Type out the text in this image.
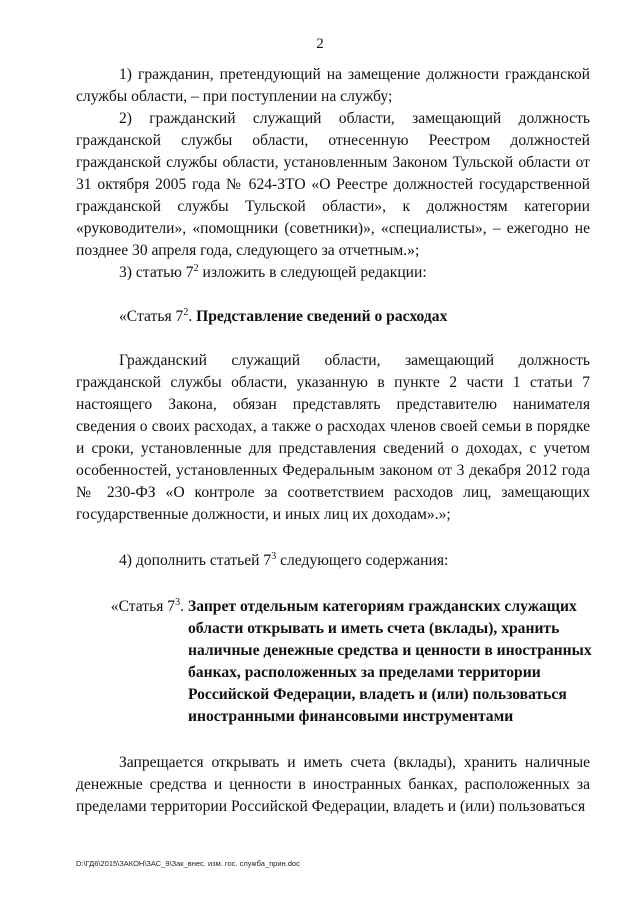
2

1) гражданин, претендующий на замещение должности гражданской службы области, – при поступлении на службу;

2) гражданский служащий области, замещающий должность гражданской службы области, отнесенную Реестром должностей гражданской службы области, установленным Законом Тульской области от 31 октября 2005 года № 624-ЗТО «О Реестре должностей государственной гражданской службы Тульской области», к должностям категории «руководители», «помощники (советники)», «специалисты», – ежегодно не позднее 30 апреля года, следующего за отчетным.»;

3) статью $7^2$ изложить в следующей редакции:

«Статья $7^2$. Представление сведений о расходах

Гражданский служащий области, замещающий должность гражданской службы области, указанную в пункте 2 части 1 статьи 7 настоящего Закона, обязан представлять представителю нанимателя сведения о своих расходах, а также о расходах членов своей семьи в порядке и сроки, установленные для представления сведений о доходах, с учетом особенностей, установленных Федеральным законом от 3 декабря 2012 года № 230-ФЗ «О контроле за соответствием расходов лиц, замещающих государственные должности, и иных лиц их доходам».»;

4) дополнить статьей $7^3$ следующего содержания:

«Статья $7^3$. Запрет отдельным категориям гражданских служащих
области открывать и иметь счета (вклады), хранить
наличные денежные средства и ценности в иностранных
банках, расположенных за пределами территории
Российской Федерации, владеть и (или) пользоваться
иностранными финансовыми инструментами

Запрещается открывать и иметь счета (вклады), хранить наличные денежные средства и ценности в иностранных банках, расположенных за пределами территории Российской Федерации, владеть и (или) пользоваться

D:\ГД6\2015\ЗАКОН\ЗАС_9\Зак_внес. изм. гос. служба_прин.doc
